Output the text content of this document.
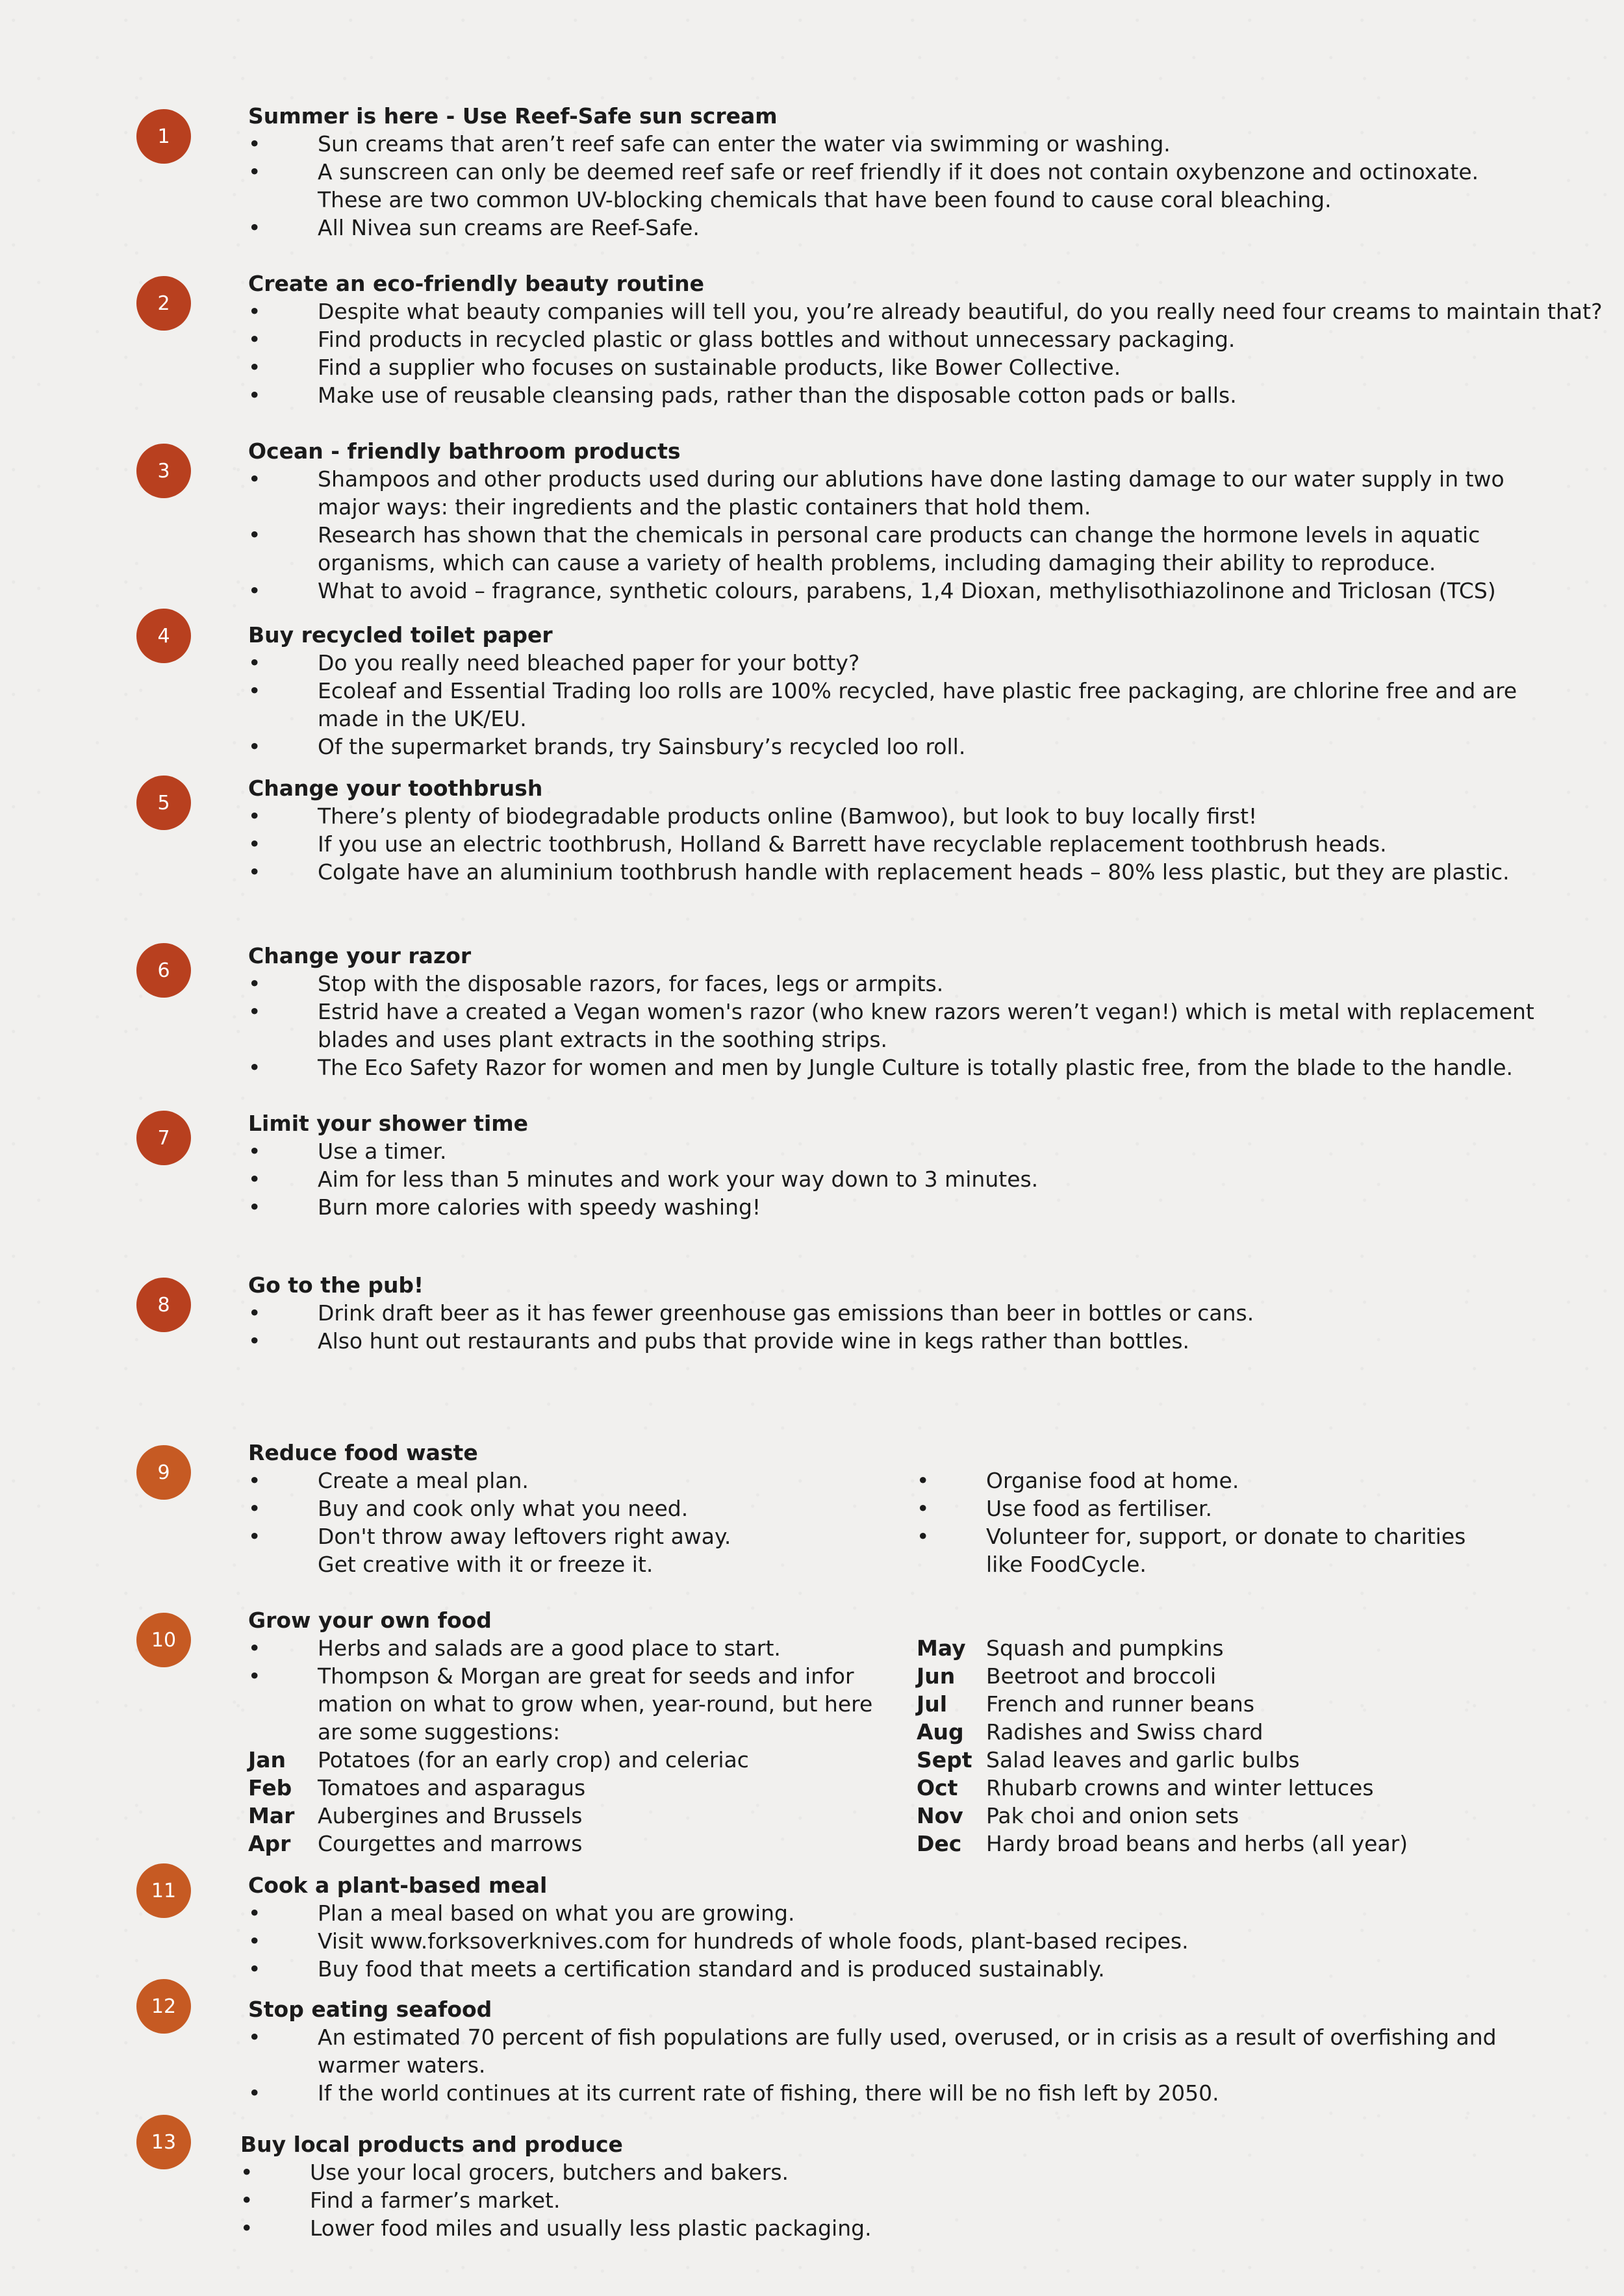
1
Summer is here - Use Reef-Safe sun scream
•	Sun creams that aren’t reef safe can enter the water via swimming or washing.
•	A sunscreen can only be deemed reef safe or reef friendly if it does not contain oxybenzone and octinoxate.
These are two common UV-blocking chemicals that have been found to cause coral bleaching.
•	All Nivea sun creams are Reef-Safe.
2
Create an eco-friendly beauty routine
•	Despite what beauty companies will tell you, you’re already beautiful, do you really need four creams to maintain that?
•	Find products in recycled plastic or glass bottles and without unnecessary packaging.
•	Find a supplier who focuses on sustainable products, like Bower Collective.
•	Make use of reusable cleansing pads, rather than the disposable cotton pads or balls.
3
Ocean - friendly bathroom products
•	Shampoos and other products used during our ablutions have done lasting damage to our water supply in two
major ways: their ingredients and the plastic containers that hold them.
•	Research has shown that the chemicals in personal care products can change the hormone levels in aquatic
organisms, which can cause a variety of health problems, including damaging their ability to reproduce.
•	What to avoid – fragrance, synthetic colours, parabens, 1,4 Dioxan, methylisothiazolinone and Triclosan (TCS)
4	Buy recycled toilet paper
•	Do you really need bleached paper for your botty?
•	Ecoleaf and Essential Trading loo rolls are 100% recycled, have plastic free packaging, are chlorine free and are
made in the UK/EU.
•	Of the supermarket brands, try Sainsbury’s recycled loo roll.
5
Change your toothbrush
•	There’s plenty of biodegradable products online (Bamwoo), but look to buy locally first!
•	If you use an electric toothbrush, Holland & Barrett have recyclable replacement toothbrush heads.
•	Colgate have an aluminium toothbrush handle with replacement heads – 80% less plastic, but they are plastic.
6
Change your razor
•	Stop with the disposable razors, for faces, legs or armpits.
•	Estrid have a created a Vegan women's razor (who knew razors weren’t vegan!) which is metal with replacement
blades and uses plant extracts in the soothing strips.
•	The Eco Safety Razor for women and men by Jungle Culture is totally plastic free, from the blade to the handle.
7
Limit your shower time
•	Use a timer.
•	Aim for less than 5 minutes and work your way down to 3 minutes.
•	Burn more calories with speedy washing!
8
Go to the pub!
•	Drink draft beer as it has fewer greenhouse gas emissions than beer in bottles or cans.
•	Also hunt out restaurants and pubs that provide wine in kegs rather than bottles.
9
Reduce food waste
•	Create a meal plan.
•	Buy and cook only what you need.
•	Don't throw away leftovers right away.
Get creative with it or freeze it.
•	Organise food at home.
•	Use food as fertiliser.
•	Volunteer for, support, or donate to charities
like FoodCycle.
10
Grow your own food
•	Herbs and salads are a good place to start.
•	Thompson & Morgan are great for seeds and infor
mation on what to grow when, year-round, but here
are some suggestions:
Jan	Potatoes (for an early crop) and celeriac
Feb	Tomatoes and asparagus
Mar	Aubergines and Brussels
Apr	Courgettes and marrows
May Squash and pumpkins
Jun	Beetroot and broccoli
Jul	French and runner beans
Aug	Radishes and Swiss chard
Sept Salad leaves and garlic bulbs
Oct	Rhubarb crowns and winter lettuces
Nov	Pak choi and onion sets
Dec	Hardy broad beans and herbs (all year)
11	Cook a plant-based meal
•	Plan a meal based on what you are growing.
•	Visit www.forksoverknives.com for hundreds of whole foods, plant-based recipes.
•	Buy food that meets a certification standard and is produced sustainably.
12	Stop eating seafood
•	An estimated 70 percent of fish populations are fully used, overused, or in crisis as a result of overfishing and
warmer waters.
•	If the world continues at its current rate of fishing, there will be no fish left by 2050.
13	Buy local products and produce
•	Use your local grocers, butchers and bakers.
•	Find a farmer’s market.
•	Lower food miles and usually less plastic packaging.
